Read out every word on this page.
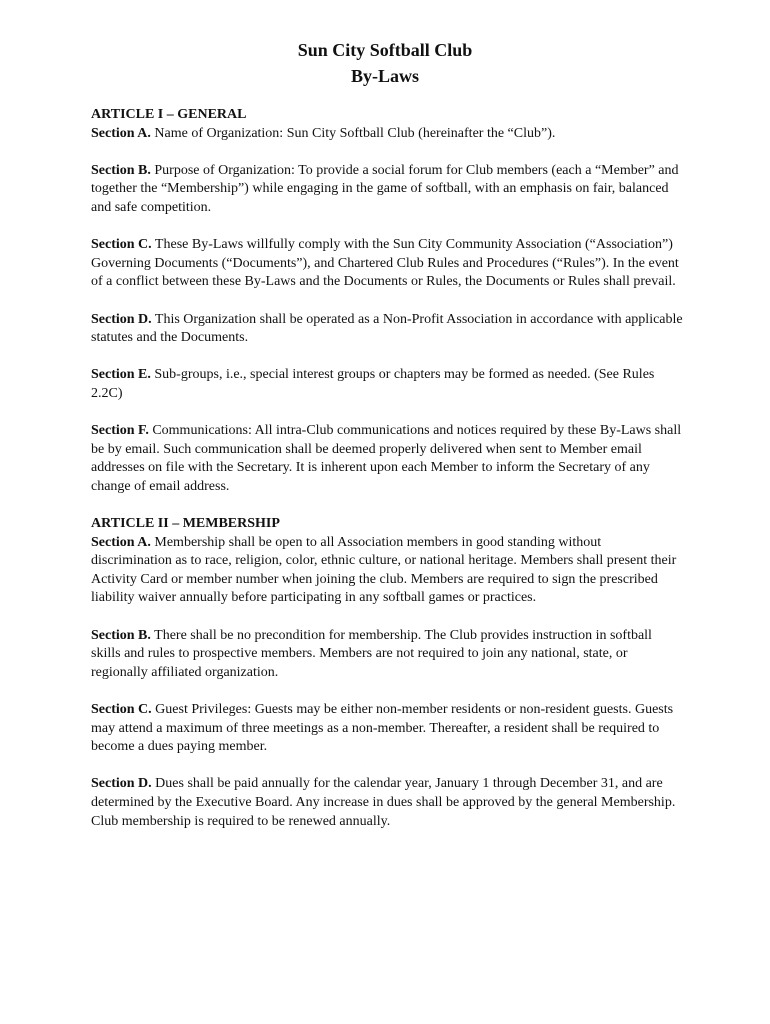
Sun City Softball Club
By-Laws
ARTICLE I – GENERAL

Section A. Name of Organization: Sun City Softball Club (hereinafter the “Club”).

Section B. Purpose of Organization: To provide a social forum for Club members (each a “Member” and together the “Membership”) while engaging in the game of softball, with an emphasis on fair, balanced and safe competition.

Section C. These By-Laws willfully comply with the Sun City Community Association (“Association”) Governing Documents (“Documents”), and Chartered Club Rules and Procedures (“Rules”). In the event of a conflict between these By-Laws and the Documents or Rules, the Documents or Rules shall prevail.

Section D. This Organization shall be operated as a Non-Profit Association in accordance with applicable statutes and the Documents.

Section E. Sub-groups, i.e., special interest groups or chapters may be formed as needed. (See Rules 2.2C)

Section F. Communications: All intra-Club communications and notices required by these By-Laws shall be by email. Such communication shall be deemed properly delivered when sent to Member email addresses on file with the Secretary. It is inherent upon each Member to inform the Secretary of any change of email address.

ARTICLE II – MEMBERSHIP

Section A. Membership shall be open to all Association members in good standing without discrimination as to race, religion, color, ethnic culture, or national heritage. Members shall present their Activity Card or member number when joining the club. Members are required to sign the prescribed liability waiver annually before participating in any softball games or practices.

Section B. There shall be no precondition for membership. The Club provides instruction in softball skills and rules to prospective members. Members are not required to join any national, state, or regionally affiliated organization.

Section C. Guest Privileges: Guests may be either non-member residents or non-resident guests. Guests may attend a maximum of three meetings as a non-member. Thereafter, a resident shall be required to become a dues paying member.

Section D. Dues shall be paid annually for the calendar year, January 1 through December 31, and are determined by the Executive Board. Any increase in dues shall be approved by the general Membership. Club membership is required to be renewed annually.
